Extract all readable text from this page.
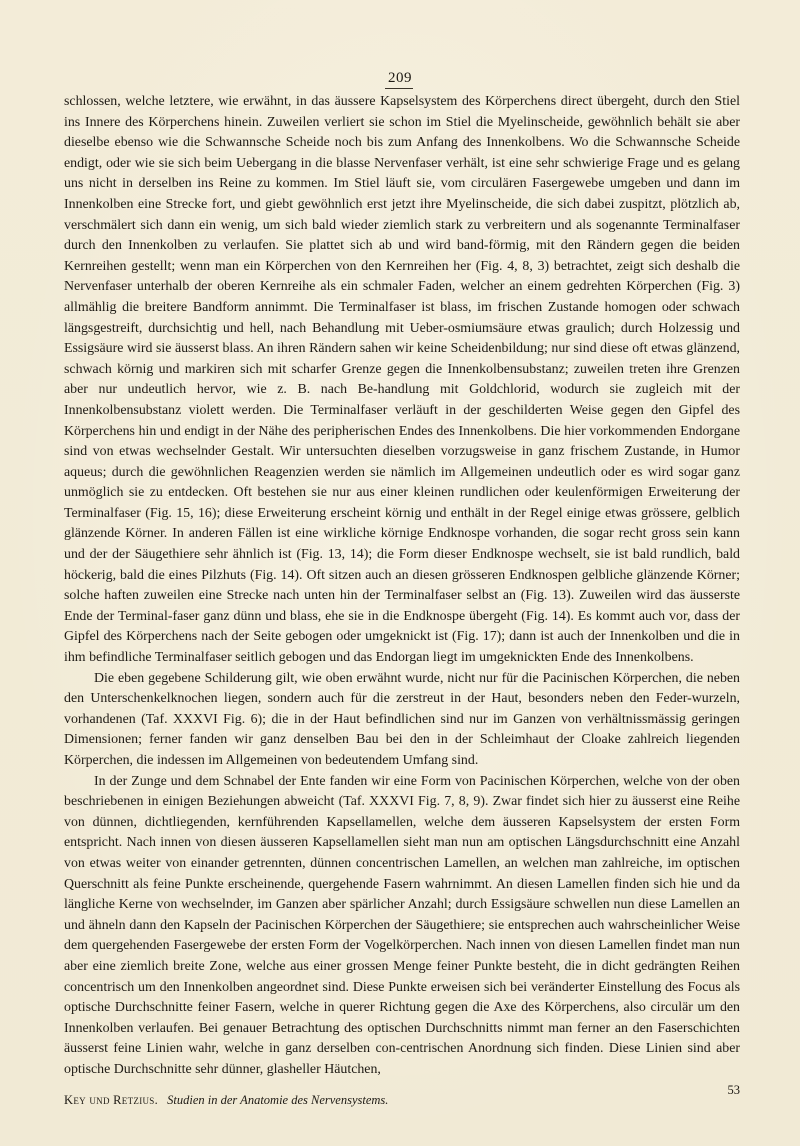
209

schlossen, welche letztere, wie erwähnt, in das äussere Kapselsystem des Körperchens direct übergeht, durch den Stiel ins Innere des Körperchens hinein. Zuweilen verliert sie schon im Stiel die Myelinscheide, gewöhnlich behält sie aber dieselbe ebenso wie die Schwannsche Scheide noch bis zum Anfang des Innenkolbens. Wo die Schwannsche Scheide endigt, oder wie sie sich beim Uebergang in die blasse Nervenfaser verhält, ist eine sehr schwierige Frage und es gelang uns nicht in derselben ins Reine zu kommen. Im Stiel läuft sie, vom circulären Fasergewebe umgeben und dann im Innenkolben eine Strecke fort, und giebt gewöhnlich erst jetzt ihre Myelinscheide, die sich dabei zuspitzt, plötzlich ab, verschmälert sich dann ein wenig, um sich bald wieder ziemlich stark zu verbreitern und als sogenannte Terminalfaser durch den Innenkolben zu verlaufen. Sie plattet sich ab und wird band-förmig, mit den Rändern gegen die beiden Kernreihen gestellt; wenn man ein Körperchen von den Kernreihen her (Fig. 4, 8, 3) betrachtet, zeigt sich deshalb die Nervenfaser unterhalb der oberen Kernreihe als ein schmaler Faden, welcher an einem gedrehten Körperchen (Fig. 3) allmählig die breitere Bandform annimmt. Die Terminalfaser ist blass, im frischen Zustande homogen oder schwach längsgestreift, durchsichtig und hell, nach Behandlung mit Ueber-osmiumsäure etwas graulich; durch Holzessig und Essigsäure wird sie äusserst blass. An ihren Rändern sahen wir keine Scheidenbildung; nur sind diese oft etwas glänzend, schwach körnig und markiren sich mit scharfer Grenze gegen die Innenkolbensubstanz; zuweilen treten ihre Grenzen aber nur undeutlich hervor, wie z. B. nach Be-handlung mit Goldchlorid, wodurch sie zugleich mit der Innenkolbensubstanz violett werden. Die Terminalfaser verläuft in der geschilderten Weise gegen den Gipfel des Körperchens hin und endigt in der Nähe des peripherischen Endes des Innenkolbens. Die hier vorkommenden Endorgane sind von etwas wechselnder Gestalt. Wir untersuchten dieselben vorzugsweise in ganz frischem Zustande, in Humor aqueus; durch die gewöhnlichen Reagenzien werden sie nämlich im Allgemeinen undeutlich oder es wird sogar ganz unmöglich sie zu entdecken. Oft bestehen sie nur aus einer kleinen rundlichen oder keulenförmigen Erweiterung der Terminalfaser (Fig. 15, 16); diese Erweiterung erscheint körnig und enthält in der Regel einige etwas grössere, gelblich glänzende Körner. In anderen Fällen ist eine wirkliche körnige Endknospe vorhanden, die sogar recht gross sein kann und der der Säugethiere sehr ähnlich ist (Fig. 13, 14); die Form dieser Endknospe wechselt, sie ist bald rundlich, bald höckerig, bald die eines Pilzhuts (Fig. 14). Oft sitzen auch an diesen grösseren Endknospen gelbliche glänzende Körner; solche haften zuweilen eine Strecke nach unten hin der Terminalfaser selbst an (Fig. 13). Zuweilen wird das äusserste Ende der Terminal-faser ganz dünn und blass, ehe sie in die Endknospe übergeht (Fig. 14). Es kommt auch vor, dass der Gipfel des Körperchens nach der Seite gebogen oder umgeknickt ist (Fig. 17); dann ist auch der Innenkolben und die in ihm befindliche Terminalfaser seitlich gebogen und das Endorgan liegt im umgeknickten Ende des Innenkolbens.

Die eben gegebene Schilderung gilt, wie oben erwähnt wurde, nicht nur für die Pacinischen Körperchen, die neben den Unterschenkelknochen liegen, sondern auch für die zerstreut in der Haut, besonders neben den Feder-wurzeln, vorhandenen (Taf. XXXVI Fig. 6); die in der Haut befindlichen sind nur im Ganzen von verhältnissmässig geringen Dimensionen; ferner fanden wir ganz denselben Bau bei den in der Schleimhaut der Cloake zahlreich liegenden Körperchen, die indessen im Allgemeinen von bedeutendem Umfang sind.

In der Zunge und dem Schnabel der Ente fanden wir eine Form von Pacinischen Körperchen, welche von der oben beschriebenen in einigen Beziehungen abweicht (Taf. XXXVI Fig. 7, 8, 9). Zwar findet sich hier zu äusserst eine Reihe von dünnen, dichtliegenden, kernführenden Kapsellamellen, welche dem äusseren Kapselsystem der ersten Form entspricht. Nach innen von diesen äusseren Kapsellamellen sieht man nun am optischen Längsdurchschnitt eine Anzahl von etwas weiter von einander getrennten, dünnen concentrischen Lamellen, an welchen man zahlreiche, im optischen Querschnitt als feine Punkte erscheinende, quergehende Fasern wahrnimmt. An diesen Lamellen finden sich hie und da längliche Kerne von wechselnder, im Ganzen aber spärlicher Anzahl; durch Essigsäure schwellen nun diese Lamellen an und ähneln dann den Kapseln der Pacinischen Körperchen der Säugethiere; sie entsprechen auch wahrscheinlicher Weise dem quergehenden Fasergewebe der ersten Form der Vogelkörperchen. Nach innen von diesen Lamellen findet man nun aber eine ziemlich breite Zone, welche aus einer grossen Menge feiner Punkte besteht, die in dicht gedrängten Reihen concentrisch um den Innenkolben angeordnet sind. Diese Punkte erweisen sich bei veränderter Einstellung des Focus als optische Durchschnitte feiner Fasern, welche in querer Richtung gegen die Axe des Körperchens, also circulär um den Innenkolben verlaufen. Bei genauer Betrachtung des optischen Durchschnitts nimmt man ferner an den Faserschichten äusserst feine Linien wahr, welche in ganz derselben con-centrischen Anordnung sich finden. Diese Linien sind aber optische Durchschnitte sehr dünner, glasheller Häutchen,

Key und Retzius. Studien in der Anatomie des Nervensystems.
53
